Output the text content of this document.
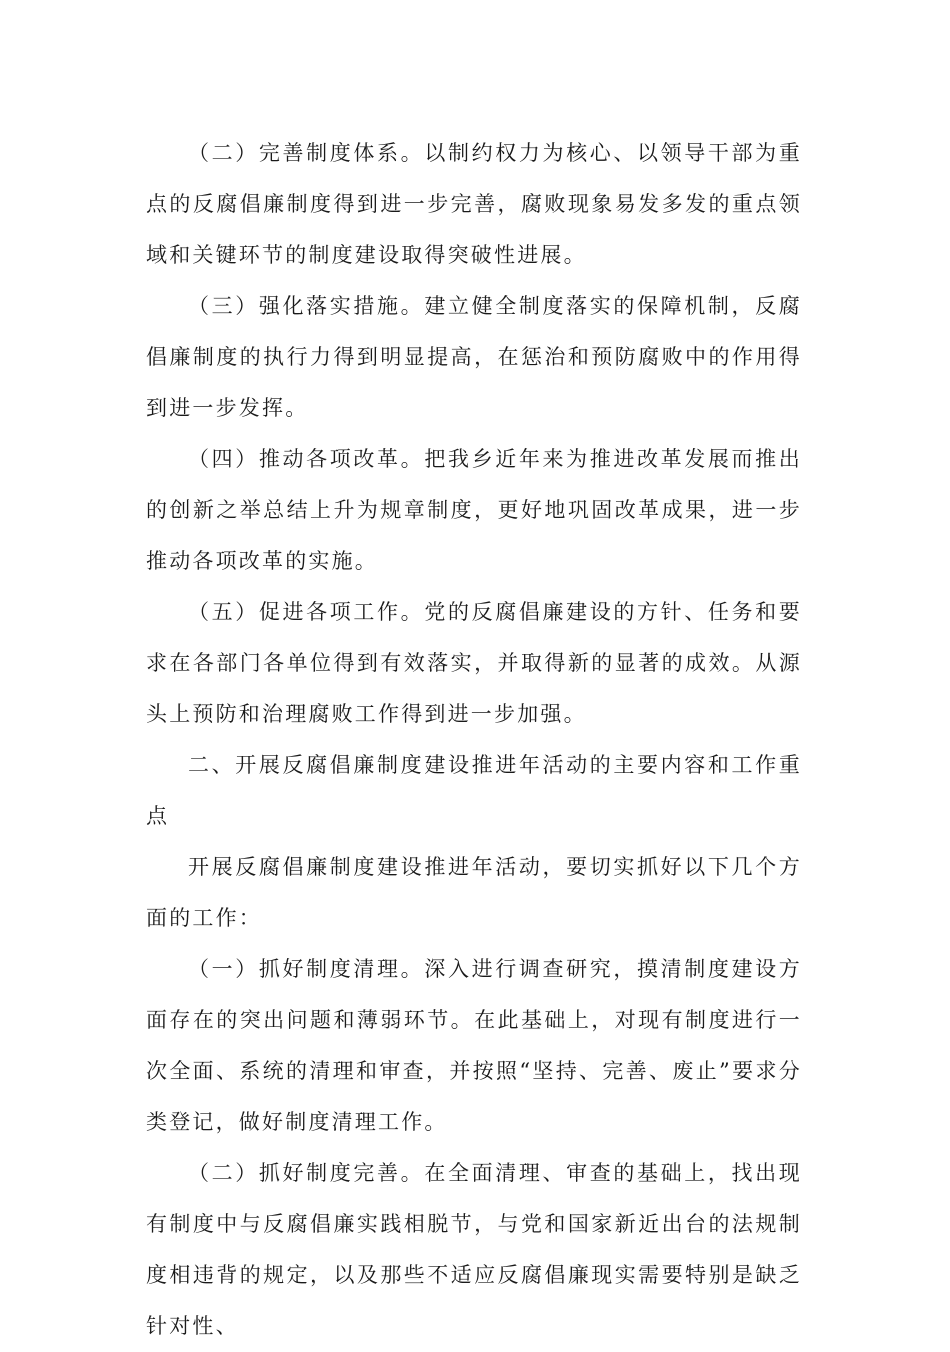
（二）完善制度体系。以制约权力为核心、以领导干部为重点的反腐倡廉制度得到进一步完善，腐败现象易发多发的重点领域和关键环节的制度建设取得突破性进展。

（三）强化落实措施。建立健全制度落实的保障机制，反腐倡廉制度的执行力得到明显提高，在惩治和预防腐败中的作用得到进一步发挥。

（四）推动各项改革。把我乡近年来为推进改革发展而推出的创新之举总结上升为规章制度，更好地巩固改革成果，进一步推动各项改革的实施。

（五）促进各项工作。党的反腐倡廉建设的方针、任务和要求在各部门各单位得到有效落实，并取得新的显著的成效。从源头上预防和治理腐败工作得到进一步加强。

二、开展反腐倡廉制度建设推进年活动的主要内容和工作重点

开展反腐倡廉制度建设推进年活动，要切实抓好以下几个方面的工作：

（一）抓好制度清理。深入进行调查研究，摸清制度建设方面存在的突出问题和薄弱环节。在此基础上，对现有制度进行一次全面、系统的清理和审查，并按照“坚持、完善、废止”要求分类登记，做好制度清理工作。

（二）抓好制度完善。在全面清理、审查的基础上，找出现有制度中与反腐倡廉实践相脱节，与党和国家新近出台的法规制度相违背的规定，以及那些不适应反腐倡廉现实需要特别是缺乏针对性、
